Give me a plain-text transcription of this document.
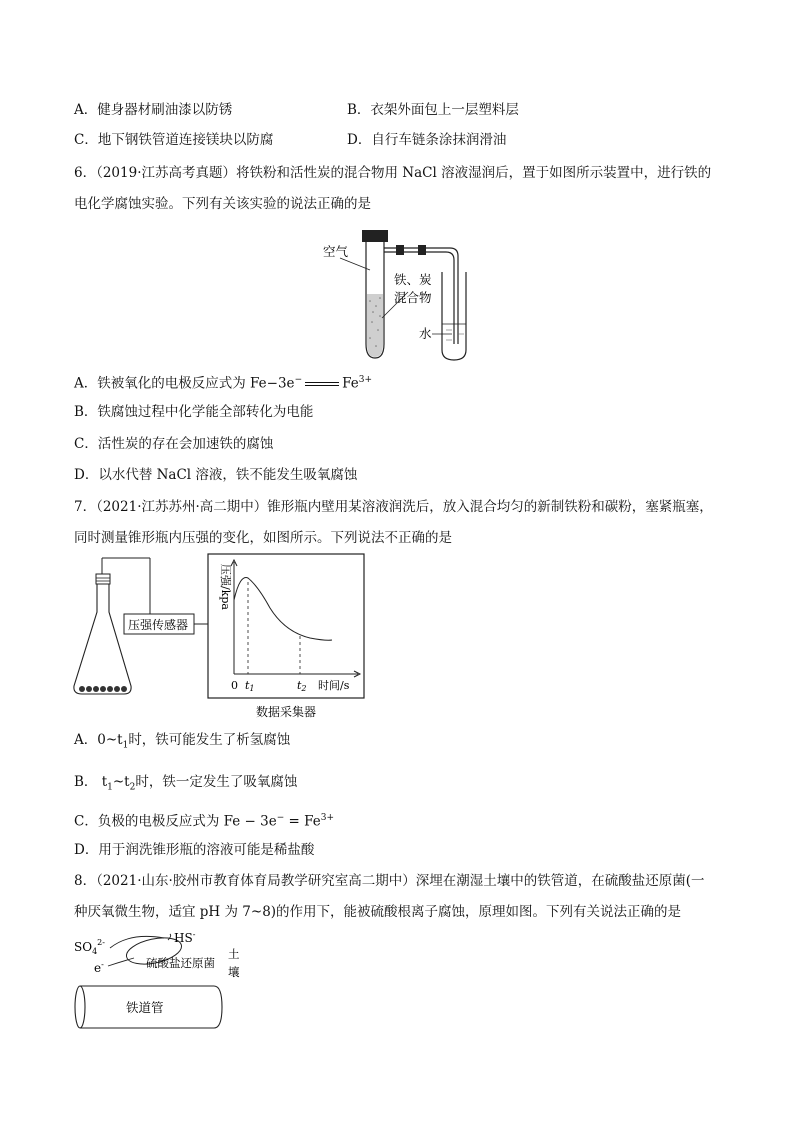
A．健身器材刷油漆以防锈	B．衣架外面包上一层塑料层
C．地下钢铁管道连接镁块以防腐	D．自行车链条涂抹润滑油
6．（2019·江苏高考真题）将铁粉和活性炭的混合物用 NaCl 溶液湿润后，置于如图所示装置中，进行铁的
电化学腐蚀实验。下列有关该实验的说法正确的是
空气
铁、炭
混合物
水
A．铁被氧化的电极反应式为 Fe−3e−	$Fe^{3+}$
B．铁腐蚀过程中化学能全部转化为电能
C．活性炭的存在会加速铁的腐蚀
D．以水代替 NaCl 溶液，铁不能发生吸氧腐蚀
7．（2021·江苏苏州·高二期中）锥形瓶内壁用某溶液润洗后，放入混合均匀的新制铁粉和碳粉，塞紧瓶塞，
同时测量锥形瓶内压强的变化，如图所示。下列说法不正确的是
压强传感器
压强/kpa
0 t1	t2 时间/s
数据采集器
A．$0\sim t_1$时，铁可能发生了析氢腐蚀
B． $t_1\sim t_2$时，铁一定发生了吸氧腐蚀
C．负极的电极反应式为 $Fe - 3e^- = Fe^{3+}$
D．用于润洗锥形瓶的溶液可能是稀盐酸
8．（2021·山东·胶州市教育体育局教学研究室高二期中）深埋在潮湿土壤中的铁管道，在硫酸盐还原菌(一
种厌氧微生物，适宜 pH 为 7~8)的作用下，能被硫酸根离子腐蚀，原理如图。下列有关说法正确的是
$SO_4^{2-}$	HS-
e-	硫酸盐还原菌
土
壤
铁道管
